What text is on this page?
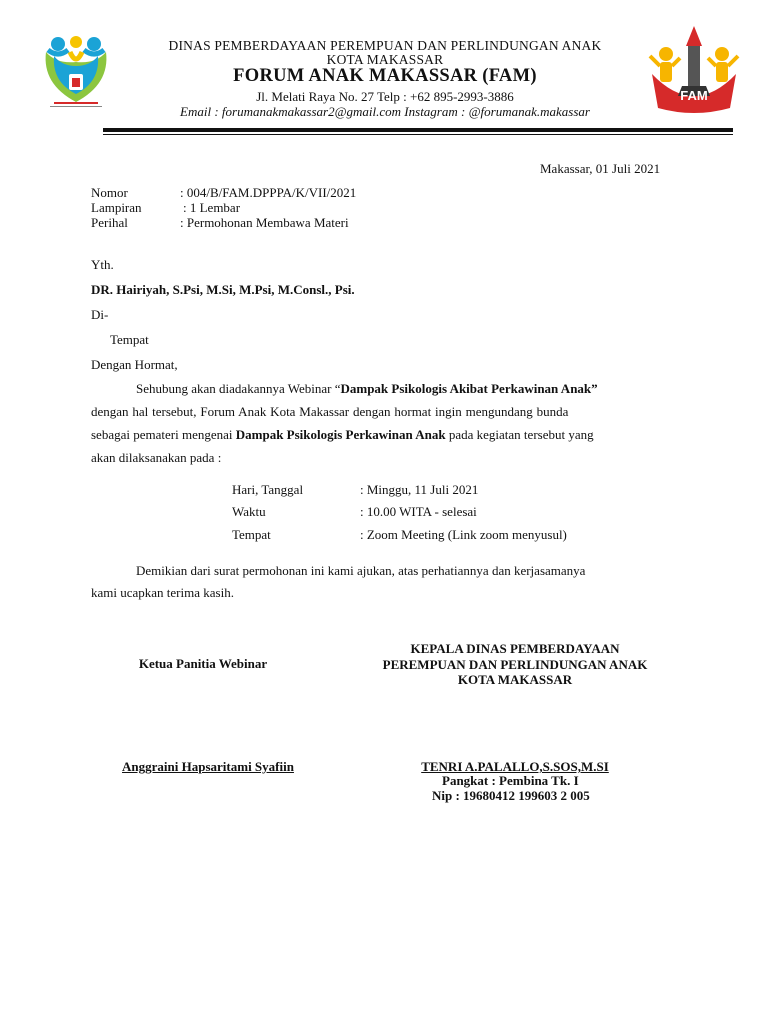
FAM
DINAS PEMBERDAYAAN PEREMPUAN DAN PERLINDUNGAN ANAK
KOTA MAKASSAR
FORUM ANAK MAKASSAR (FAM)
Jl. Melati Raya No. 27 Telp : +62 895-2993-3886
Email : forumanakmakassar2@gmail.com Instagram : @forumanak.makassar
Makassar, 01 Juli 2021
Nomor	: 004/B/FAM.DPPPA/K/VII/2021
Lampiran	: 1 Lembar
Perihal	: Permohonan Membawa Materi
Yth.
DR. Hairiyah, S.Psi, M.Si, M.Psi, M.Consl., Psi.
Di-
Tempat
Dengan Hormat,
Sehubung akan diadakannya Webinar “Dampak Psikologis Akibat Perkawinan Anak”
dengan hal tersebut, Forum Anak Kota Makassar dengan hormat ingin mengundang bunda
sebagai pemateri mengenai Dampak Psikologis Perkawinan Anak pada kegiatan tersebut yang
akan dilaksanakan pada :
Hari, Tanggal	: Minggu, 11 Juli 2021
Waktu	: 10.00 WITA - selesai
Tempat	: Zoom Meeting (Link zoom menyusul)
Demikian dari surat permohonan ini kami ajukan, atas perhatiannya dan kerjasamanya
kami ucapkan terima kasih.
Ketua Panitia Webinar
Anggraini Hapsaritami Syafiin
KEPALA DINAS PEMBERDAYAAN
PEREMPUAN DAN PERLINDUNGAN ANAK
KOTA MAKASSAR
TENRI A.PALALLO,S.SOS,M.SI
Pangkat : Pembina Tk. I
Nip : 19680412 199603 2 005
